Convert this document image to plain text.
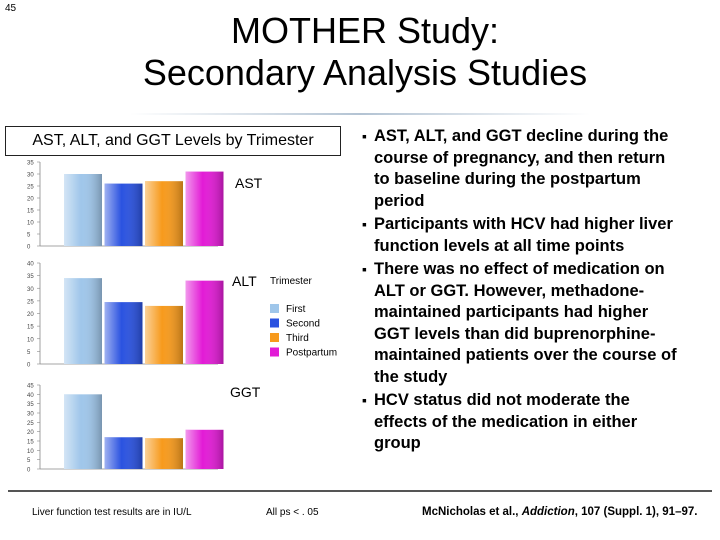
45
MOTHER Study:
Secondary Analysis Studies
AST, ALT, and GGT Levels by Trimester
0
5
10
15
20
25
30
35
AST
0
5
10
15
20
25
30
35
40
ALT
0
5
10
15
20
25
30
35
40
45	GGT
Trimester
First
Second
Third
Postpartum
▪ AST, ALT, and GGT decline during the
course of pregnancy, and then return
to baseline during the postpartum
period
▪ Participants with HCV had higher liver
function levels at all time points
▪ There was no effect of medication on
ALT or GGT. However, methadone-
maintained participants had higher
GGT levels than did buprenorphine-
maintained patients over the course of
the study
▪ HCV status did not moderate the
effects of the medication in either
group
Liver function test results are in IU/L	All ps < . 05	McNicholas et al., Addiction, 107 (Suppl. 1), 91–97.
